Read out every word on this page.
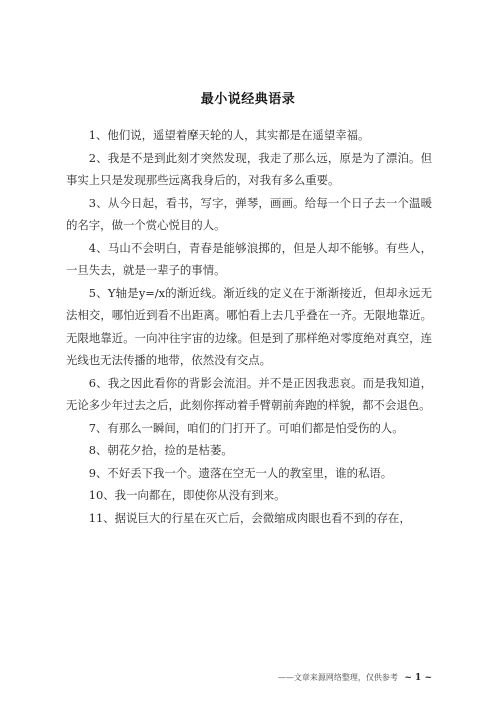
最小说经典语录

1、他们说，遥望着摩天轮的人，其实都是在遥望幸福。

2、我是不是到此刻才突然发现，我走了那么远，原是为了漂泊。但事实上只是发现那些远离我身后的，对我有多么重要。

3、从今日起，看书，写字，弹琴，画画。给每一个日子去一个温暖的名字，做一个赏心悦目的人。

4、马山不会明白，青春是能够浪掷的，但是人却不能够。有些人，一旦失去，就是一辈子的事情。

5、Y轴是y=/x的渐近线。渐近线的定义在于渐渐接近，但却永远无法相交，哪怕近到看不出距离。哪怕看上去几乎叠在一齐。无限地靠近。无限地靠近。一向冲往宇宙的边缘。但是到了那样绝对零度绝对真空，连光线也无法传播的地带，依然没有交点。

6、我之因此看你的背影会流泪。并不是正因我悲哀。而是我知道，无论多少年过去之后，此刻你挥动着手臂朝前奔跑的样貌，都不会退色。

7、有那么一瞬间，咱们的门打开了。可咱们都是怕受伤的人。

8、朝花夕拾，捡的是枯萎。

9、不好丢下我一个。遗落在空无一人的教室里，谁的私语。

10、我一向都在，即使你从没有到来。

11、据说巨大的行星在灭亡后，会微缩成肉眼也看不到的存在，

——文章来源网络整理，仅供参考 ~ 1 ~
